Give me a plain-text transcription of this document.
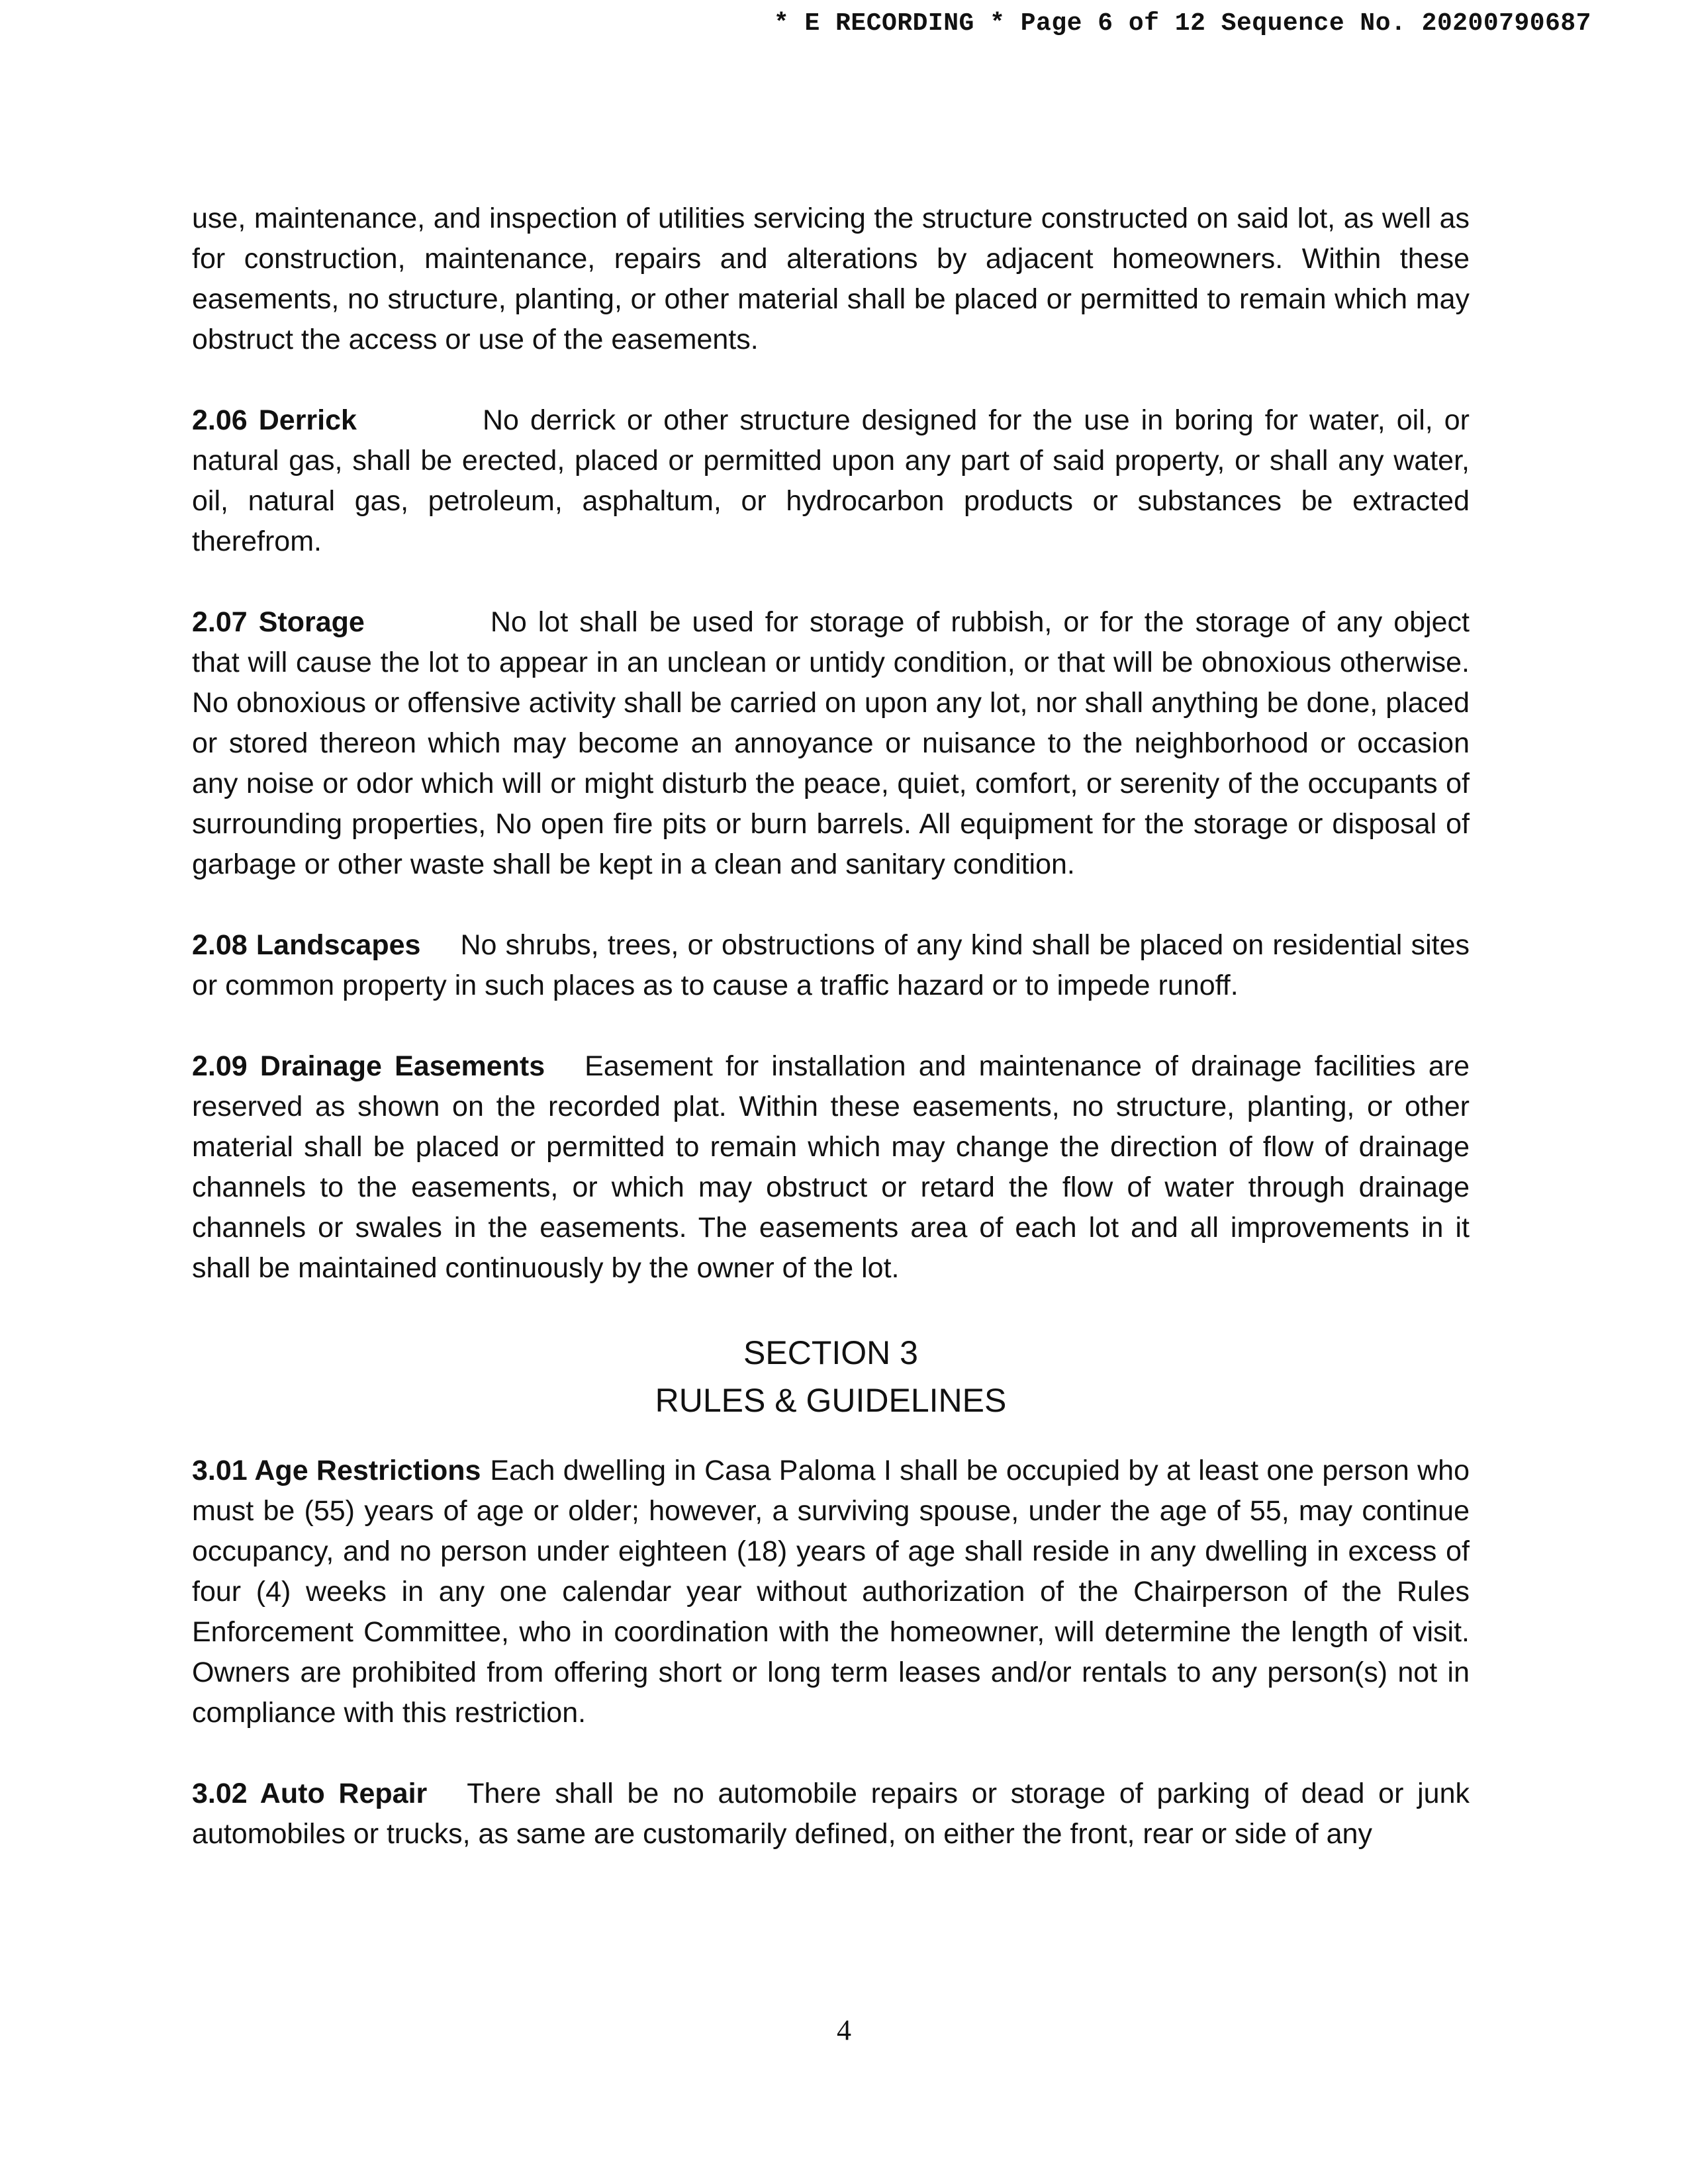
* E RECORDING * Page 6 of 12 Sequence No. 20200790687

use, maintenance, and inspection of utilities servicing the structure constructed on said lot, as well as for construction, maintenance, repairs and alterations by adjacent homeowners. Within these easements, no structure, planting, or other material shall be placed or permitted to remain which may obstruct the access or use of the easements.

2.06 Derrick	No derrick or other structure designed for the use in boring for water, oil, or natural gas, shall be erected, placed or permitted upon any part of said property, or shall any water, oil, natural gas, petroleum, asphaltum, or hydrocarbon products or substances be extracted therefrom.

2.07 Storage	No lot shall be used for storage of rubbish, or for the storage of any object that will cause the lot to appear in an unclean or untidy condition, or that will be obnoxious otherwise. No obnoxious or offensive activity shall be carried on upon any lot, nor shall anything be done, placed or stored thereon which may become an annoyance or nuisance to the neighborhood or occasion any noise or odor which will or might disturb the peace, quiet, comfort, or serenity of the occupants of surrounding properties, No open fire pits or burn barrels. All equipment for the storage or disposal of garbage or other waste shall be kept in a clean and sanitary condition.

2.08 Landscapes No shrubs, trees, or obstructions of any kind shall be placed on residential sites or common property in such places as to cause a traffic hazard or to impede runoff.

2.09 Drainage Easements Easement for installation and maintenance of drainage facilities are reserved as shown on the recorded plat. Within these easements, no structure, planting, or other material shall be placed or permitted to remain which may change the direction of flow of drainage channels to the easements, or which may obstruct or retard the flow of water through drainage channels or swales in the easements. The easements area of each lot and all improvements in it shall be maintained continuously by the owner of the lot.

SECTION 3
RULES & GUIDELINES

3.01 Age Restrictions Each dwelling in Casa Paloma I shall be occupied by at least one person who must be (55) years of age or older; however, a surviving spouse, under the age of 55, may continue occupancy, and no person under eighteen (18) years of age shall reside in any dwelling in excess of four (4) weeks in any one calendar year without authorization of the Chairperson of the Rules Enforcement Committee, who in coordination with the homeowner, will determine the length of visit. Owners are prohibited from offering short or long term leases and/or rentals to any person(s) not in compliance with this restriction.

3.02 Auto Repair There shall be no automobile repairs or storage of parking of dead or junk automobiles or trucks, as same are customarily defined, on either the front, rear or side of any

4
